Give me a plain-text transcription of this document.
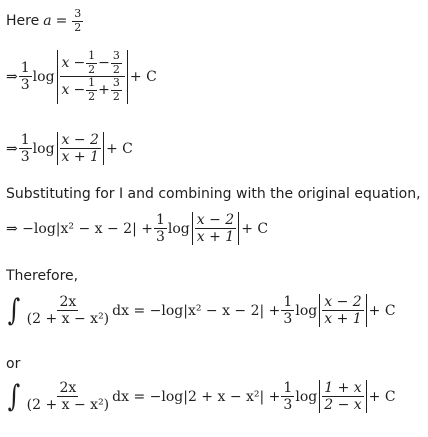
Here a = 3
2
⇒
1
3
log
$x - \frac{1}{2} - \frac{3}{2}$
$x - \frac{1}{2} + \frac{3}{2}$
+ C
⇒
1
3
log
x − 2
x + 1
+ C
Substituting for I and combining with the original equation,
⇒ $-\log|x^2 - x - 2| + \frac{1}{3}$ log
x − 2
x + 1
+ C
Therefore,
∫	2x
(2 + x − x²)
dx = $-\log|x^2 - x - 2| + \frac{1}{3}$ log
x − 2
x + 1
+ C
or
∫	2x
(2 + x − x²)
dx = $-\log|2 + x - x^2| + \frac{1}{3}$ log
1 + x
2 − x
+ C
